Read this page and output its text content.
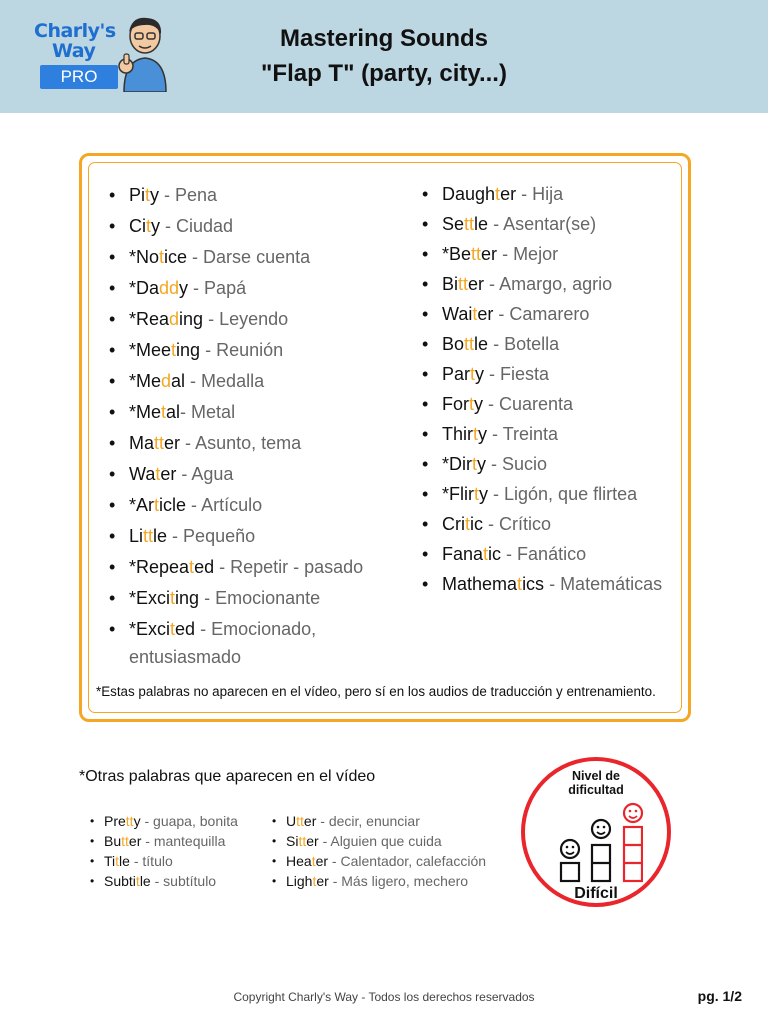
Charly's
Way
PRO
Mastering Sounds
"Flap T" (party, city...)
• Pity - Pena
• City - Ciudad
• *Notice - Darse cuenta
• *Daddy - Papá
• *Reading - Leyendo
• *Meeting - Reunión
• *Medal - Medalla
• *Metal- Metal
• Matter - Asunto, tema
• Water - Agua
• *Article - Artículo
• Little - Pequeño
• *Repeated - Repetir - pasado
• *Exciting - Emocionante
• *Excited - Emocionado, entusiasmado
• Daughter - Hija
• Settle - Asentar(se)
• *Better - Mejor
• Bitter - Amargo, agrio
• Waiter - Camarero
• Bottle - Botella
• Party - Fiesta
• Forty - Cuarenta
• Thirty - Treinta
• *Dirty - Sucio
• *Flirty - Ligón, que flirtea
• Critic - Crítico
• Fanatic - Fanático
• Mathematics - Matemáticas
*Estas palabras no aparecen en el vídeo, pero sí en los audios de traducción y entrenamiento.
*Otras palabras que aparecen en el vídeo
• Pretty - guapa, bonita
• Butter - mantequilla
• Title - título
• Subtitle - subtítulo
• Utter - decir, enunciar
• Sitter - Alguien que cuida
• Heater - Calentador, calefacción
• Lighter - Más ligero, mechero
Nivel de
dificultad
Difícil
Copyright Charly's Way - Todos los derechos reservados	pg. 1/2
